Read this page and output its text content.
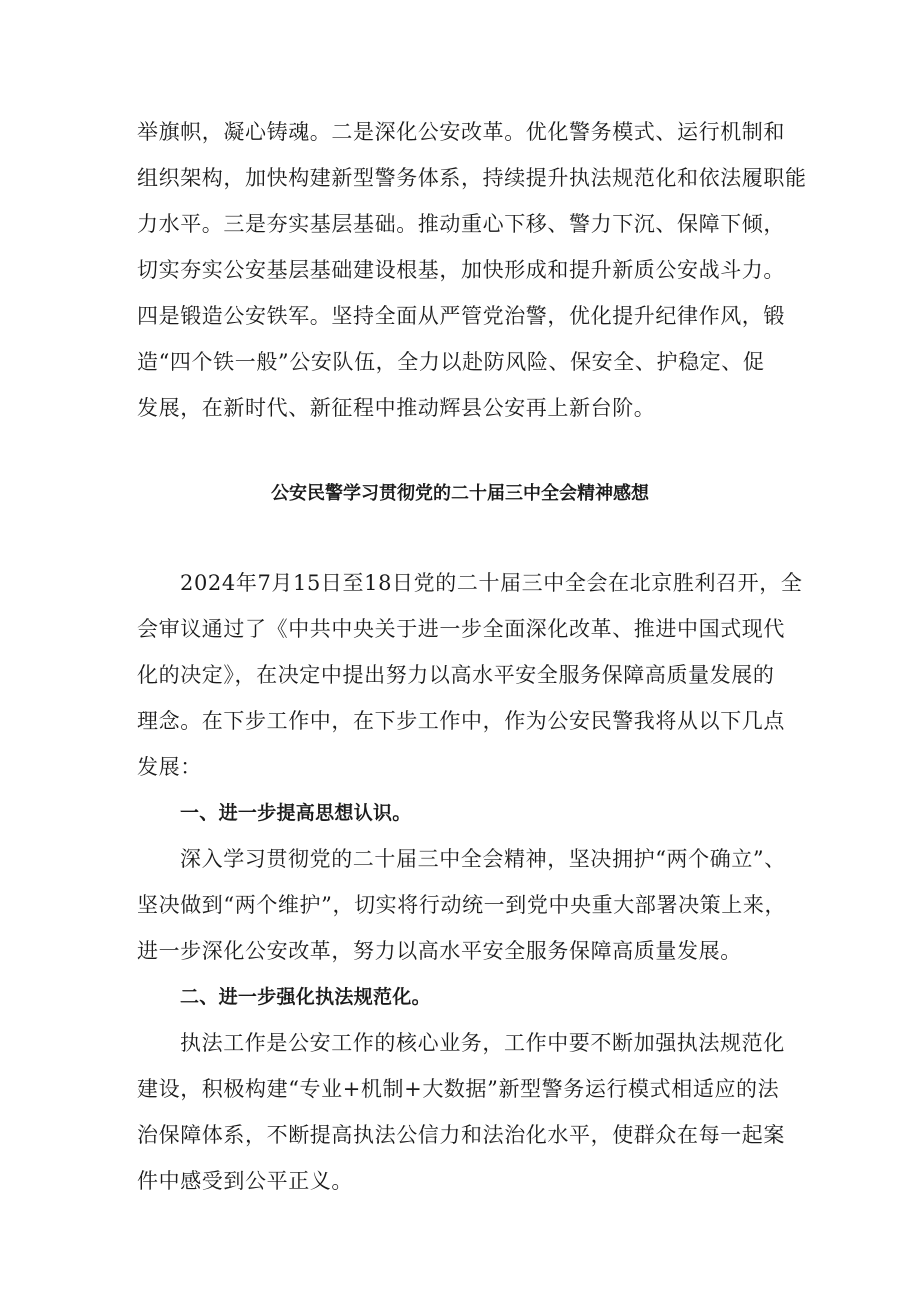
举旗帜，凝心铸魂。二是深化公安改革。优化警务模式、运行机制和
组织架构，加快构建新型警务体系，持续提升执法规范化和依法履职能
力水平。三是夯实基层基础。推动重心下移、警力下沉、保障下倾，
切实夯实公安基层基础建设根基，加快形成和提升新质公安战斗力。
四是锻造公安铁军。坚持全面从严管党治警，优化提升纪律作风，锻
造“四个铁一般”公安队伍，全力以赴防风险、保安全、护稳定、促
发展，在新时代、新征程中推动辉县公安再上新台阶。
公安民警学习贯彻党的二十届三中全会精神感想
2024年7月15日至18日党的二十届三中全会在北京胜利召开，全
会审议通过了《中共中央关于进一步全面深化改革、推进中国式现代
化的决定》，在决定中提出努力以高水平安全服务保障高质量发展的
理念。在下步工作中，在下步工作中，作为公安民警我将从以下几点
发展：
一、进一步提高思想认识。
深入学习贯彻党的二十届三中全会精神，坚决拥护“两个确立”、
坚决做到“两个维护”，切实将行动统一到党中央重大部署决策上来，
进一步深化公安改革，努力以高水平安全服务保障高质量发展。
二、进一步强化执法规范化。
执法工作是公安工作的核心业务，工作中要不断加强执法规范化
建设，积极构建“专业+机制+大数据”新型警务运行模式相适应的法
治保障体系，不断提高执法公信力和法治化水平，使群众在每一起案
件中感受到公平正义。
